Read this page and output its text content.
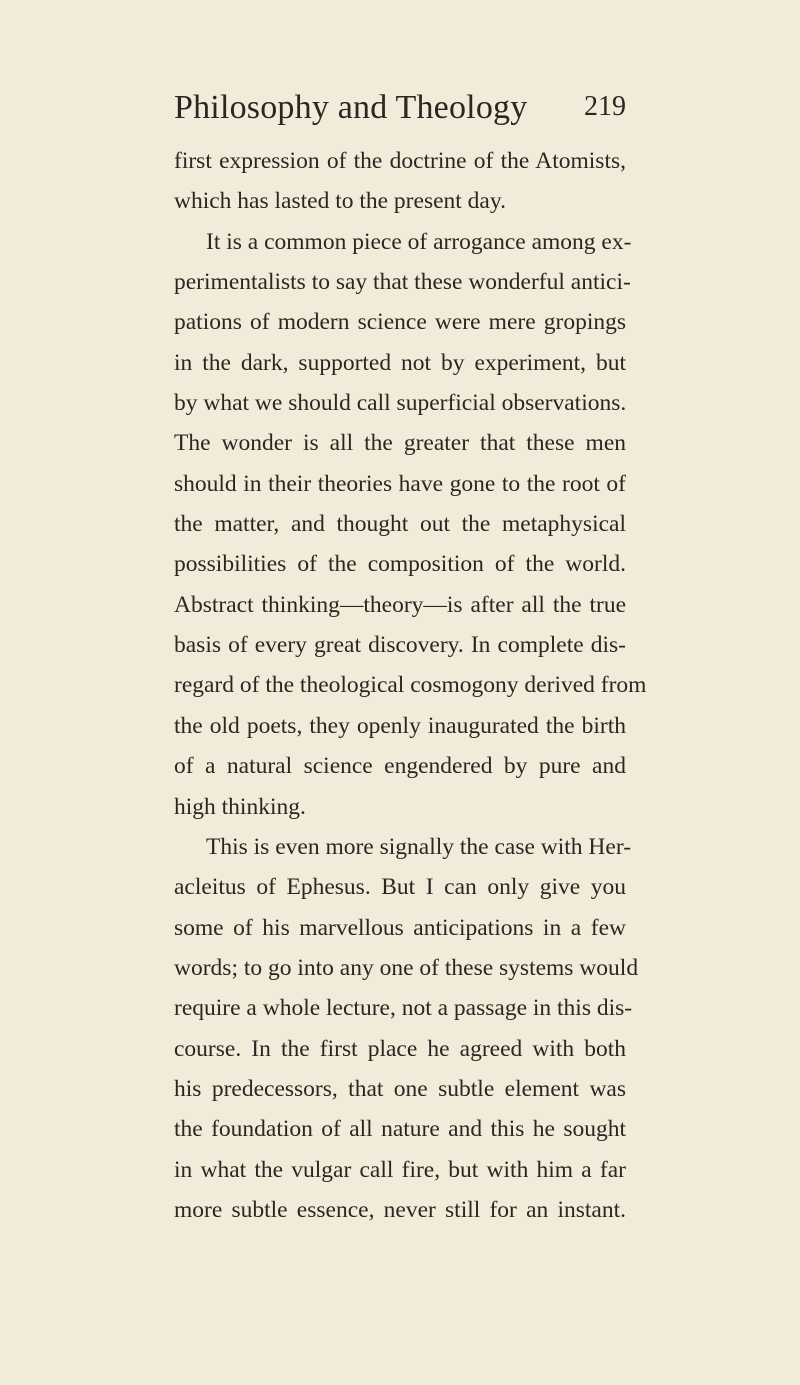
Philosophy and Theology 219
first expression of the doctrine of the Atomists,
which has lasted to the present day.
It is a common piece of arrogance among ex-
perimentalists to say that these wonderful antici-
pations of modern science were mere gropings
in the dark, supported not by experiment, but
by what we should call superficial observations.
The wonder is all the greater that these men
should in their theories have gone to the root of
the matter, and thought out the metaphysical
possibilities of the composition of the world.
Abstract thinking—theory—is after all the true
basis of every great discovery. In complete dis-
regard of the theological cosmogony derived from
the old poets, they openly inaugurated the birth
of a natural science engendered by pure and
high thinking.
This is even more signally the case with Her-
acleitus of Ephesus. But I can only give you
some of his marvellous anticipations in a few
words; to go into any one of these systems would
require a whole lecture, not a passage in this dis-
course. In the first place he agreed with both
his predecessors, that one subtle element was
the foundation of all nature and this he sought
in what the vulgar call fire, but with him a far
more subtle essence, never still for an instant.
